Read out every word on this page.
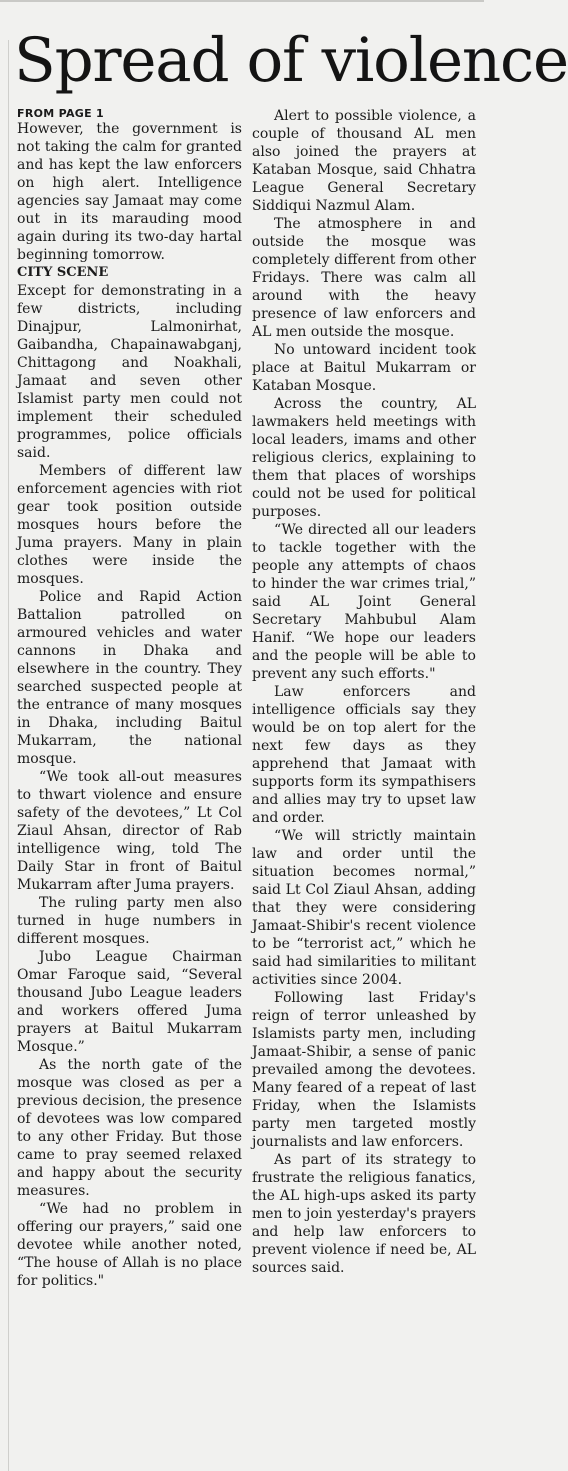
Spread of violence
FROM PAGE 1

However, the government is not taking the calm for granted and has kept the law enforcers on high alert. Intelligence agencies say Jamaat may come out in its marauding mood again during its two-day hartal beginning tomorrow.

CITY SCENE

Except for demonstrating in a few districts, including Dinajpur, Lalmonirhat, Gaibandha, Chapainawabganj, Chittagong and Noakhali, Jamaat and seven other Islamist party men could not implement their scheduled programmes, police officials said.

Members of different law enforcement agencies with riot gear took position outside mosques hours before the Juma prayers. Many in plain clothes were inside the mosques.

Police and Rapid Action Battalion patrolled on armoured vehicles and water cannons in Dhaka and elsewhere in the country. They searched suspected people at the entrance of many mosques in Dhaka, including Baitul Mukarram, the national mosque.

“We took all-out measures to thwart violence and ensure safety of the devotees,” Lt Col Ziaul Ahsan, director of Rab intelligence wing, told The Daily Star in front of Baitul Mukarram after Juma prayers.

The ruling party men also turned in huge numbers in different mosques.

Jubo League Chairman Omar Faroque said, “Several thousand Jubo League leaders and workers offered Juma prayers at Baitul Mukarram Mosque.”

As the north gate of the mosque was closed as per a previous decision, the presence of devotees was low compared to any other Friday. But those came to pray seemed relaxed and happy about the security measures.

“We had no problem in offering our prayers,” said one devotee while another noted, “The house of Allah is no place for politics."

Alert to possible violence, a couple of thousand AL men also joined the prayers at Kataban Mosque, said Chhatra League General Secretary Siddiqui Nazmul Alam.

The atmosphere in and outside the mosque was completely different from other Fridays. There was calm all around with the heavy presence of law enforcers and AL men outside the mosque.

No untoward incident took place at Baitul Mukarram or Kataban Mosque.

Across the country, AL lawmakers held meetings with local leaders, imams and other religious clerics, explaining to them that places of worships could not be used for political purposes.

“We directed all our leaders to tackle together with the people any attempts of chaos to hinder the war crimes trial,” said AL Joint General Secretary Mahbubul Alam Hanif. “We hope our leaders and the people will be able to prevent any such efforts."

Law enforcers and intelligence officials say they would be on top alert for the next few days as they apprehend that Jamaat with supports form its sympathisers and allies may try to upset law and order.

“We will strictly maintain law and order until the situation becomes normal,” said Lt Col Ziaul Ahsan, adding that they were considering Jamaat-Shibir's recent violence to be “terrorist act,” which he said had similarities to militant activities since 2004.

Following last Friday's reign of terror unleashed by Islamists party men, including Jamaat-Shibir, a sense of panic prevailed among the devotees. Many feared of a repeat of last Friday, when the Islamists party men targeted mostly journalists and law enforcers.

As part of its strategy to frustrate the religious fanatics, the AL high-ups asked its party men to join yesterday's prayers and help law enforcers to prevent violence if need be, AL sources said.
